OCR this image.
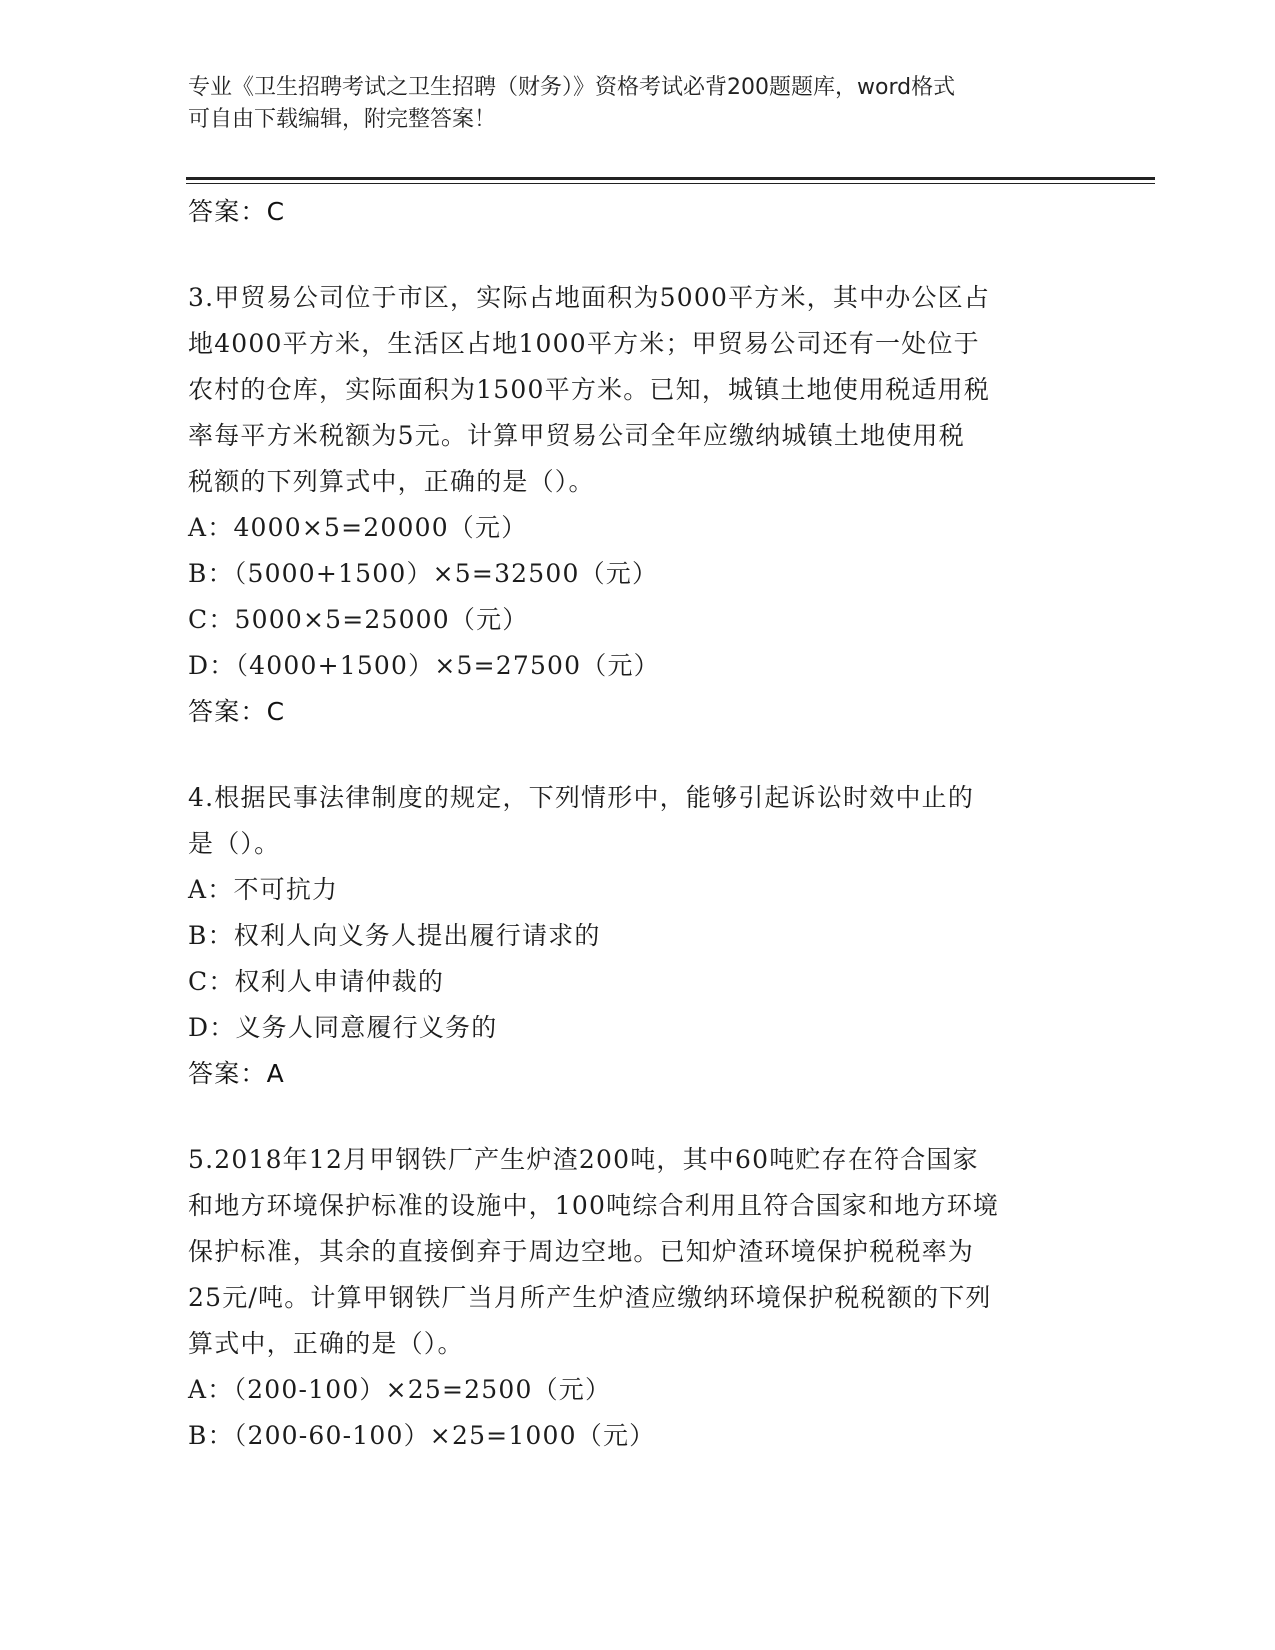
专业《卫生招聘考试之卫生招聘（财务）》资格考试必背200题题库，word格式
可自由下载编辑，附完整答案！
答案：C
3.甲贸易公司位于市区，实际占地面积为5000平方米，其中办公区占
地4000平方米，生活区占地1000平方米；甲贸易公司还有一处位于
农村的仓库，实际面积为1500平方米。已知，城镇土地使用税适用税
率每平方米税额为5元。计算甲贸易公司全年应缴纳城镇土地使用税
税额的下列算式中，正确的是（）。
A：4000×5=20000（元）
B：（5000+1500）×5=32500（元）
C：5000×5=25000（元）
D：（4000+1500）×5=27500（元）
答案：C
4.根据民事法律制度的规定，下列情形中，能够引起诉讼时效中止的
是（）。
A：不可抗力
B：权利人向义务人提出履行请求的
C：权利人申请仲裁的
D：义务人同意履行义务的
答案：A
5.2018年12月甲钢铁厂产生炉渣200吨，其中60吨贮存在符合国家
和地方环境保护标准的设施中，100吨综合利用且符合国家和地方环境
保护标准，其余的直接倒弃于周边空地。已知炉渣环境保护税税率为
25元/吨。计算甲钢铁厂当月所产生炉渣应缴纳环境保护税税额的下列
算式中，正确的是（）。
A：（200-100）×25=2500（元）
B：（200-60-100）×25=1000（元）
